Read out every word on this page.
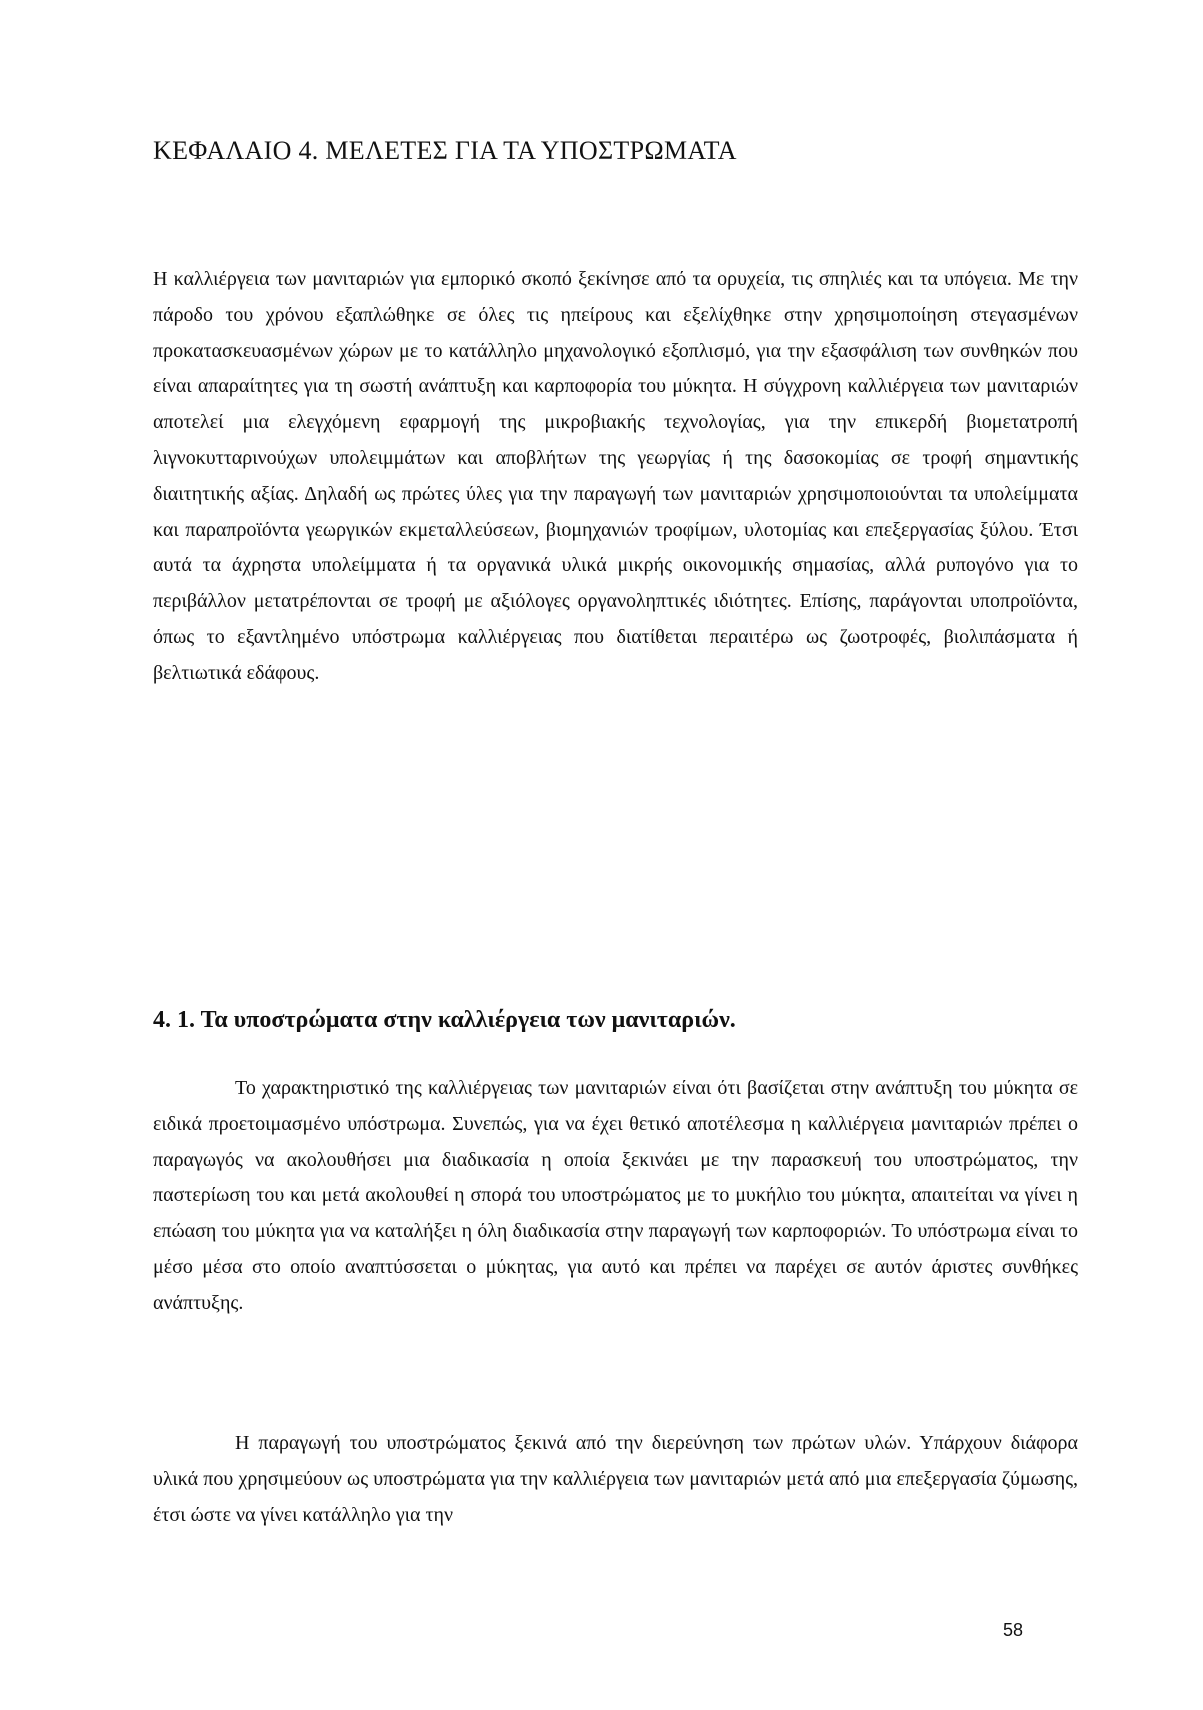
ΚΕΦΑΛΑΙΟ 4. ΜΕΛΕΤΕΣ ΓΙΑ ΤΑ ΥΠΟΣΤΡΩΜΑΤΑ

Η καλλιέργεια των μανιταριών για εμπορικό σκοπό ξεκίνησε από τα ορυχεία, τις σπηλιές και τα υπόγεια. Με την πάροδο του χρόνου εξαπλώθηκε σε όλες τις ηπείρους και εξελίχθηκε στην χρησιμοποίηση στεγασμένων προκατασκευασμένων χώρων με το κατάλληλο μηχανολογικό εξοπλισμό, για την εξασφάλιση των συνθηκών που είναι απαραίτητες για τη σωστή ανάπτυξη και καρποφορία του μύκητα. Η σύγχρονη καλλιέργεια των μανιταριών αποτελεί μια ελεγχόμενη εφαρμογή της μικροβιακής τεχνολογίας, για την επικερδή βιομετατροπή λιγνοκυτταρινούχων υπολειμμάτων και αποβλήτων της γεωργίας ή της δασοκομίας σε τροφή σημαντικής διαιτητικής αξίας. Δηλαδή ως πρώτες ύλες για την παραγωγή των μανιταριών χρησιμοποιούνται τα υπολείμματα και παραπροϊόντα γεωργικών εκμεταλλεύσεων, βιομηχανιών τροφίμων, υλοτομίας και επεξεργασίας ξύλου. Έτσι αυτά τα άχρηστα υπολείμματα ή τα οργανικά υλικά μικρής οικονομικής σημασίας, αλλά ρυπογόνο για το περιβάλλον μετατρέπονται σε τροφή με αξιόλογες οργανοληπτικές ιδιότητες. Επίσης, παράγονται υποπροϊόντα, όπως το εξαντλημένο υπόστρωμα καλλιέργειας που διατίθεται περαιτέρω ως ζωοτροφές, βιολιπάσματα ή βελτιωτικά εδάφους.

4. 1. Τα υποστρώματα στην καλλιέργεια των μανιταριών.

Το χαρακτηριστικό της καλλιέργειας των μανιταριών είναι ότι βασίζεται στην ανάπτυξη του μύκητα σε ειδικά προετοιμασμένο υπόστρωμα. Συνεπώς, για να έχει θετικό αποτέλεσμα η καλλιέργεια μανιταριών πρέπει ο παραγωγός να ακολουθήσει μια διαδικασία η οποία ξεκινάει με την παρασκευή του υποστρώματος, την παστερίωση του και μετά ακολουθεί η σπορά του υποστρώματος με το μυκήλιο του μύκητα, απαιτείται να γίνει η επώαση του μύκητα για να καταλήξει η όλη διαδικασία στην παραγωγή των καρποφοριών. Το υπόστρωμα είναι το μέσο μέσα στο οποίο αναπτύσσεται ο μύκητας, για αυτό και πρέπει να παρέχει σε αυτόν άριστες συνθήκες ανάπτυξης.

Η παραγωγή του υποστρώματος ξεκινά από την διερεύνηση των πρώτων υλών. Υπάρχουν διάφορα υλικά που χρησιμεύουν ως υποστρώματα για την καλλιέργεια των μανιταριών μετά από μια επεξεργασία ζύμωσης, έτσι ώστε να γίνει κατάλληλο για την

58
